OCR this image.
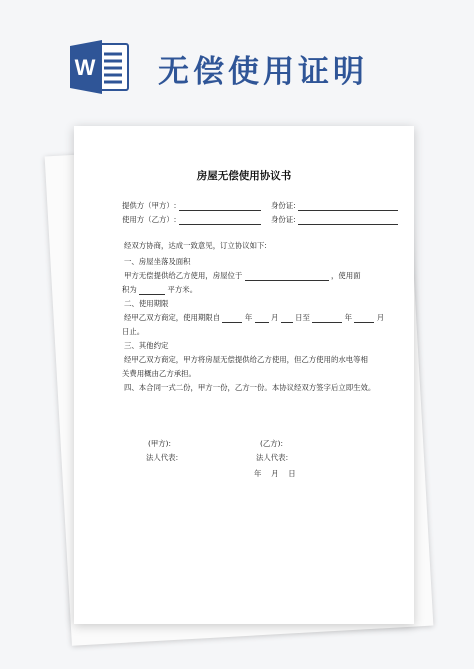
W 无偿使用证明
房屋无偿使用协议书
提供方（甲方）:	身份证:
使用方（乙方）:	身份证:
经双方协商，达成一致意见，订立协议如下:
一、房屋坐落及面积
甲方无偿提供给乙方使用，房屋位于	，使用面
积为	平方米。
二、使用期限
经甲乙双方商定，使用期限自	年	月 日至	年	月
日止。
三、其他约定
经甲乙双方商定，甲方将房屋无偿提供给乙方使用，但乙方使用的水电等相
关费用概由乙方承担。
四、本合同一式二份，甲方一份，乙方一份。本协议经双方签字后立即生效。
(甲方):	(乙方):
法人代表:	法人代表:
年　 月　 日
